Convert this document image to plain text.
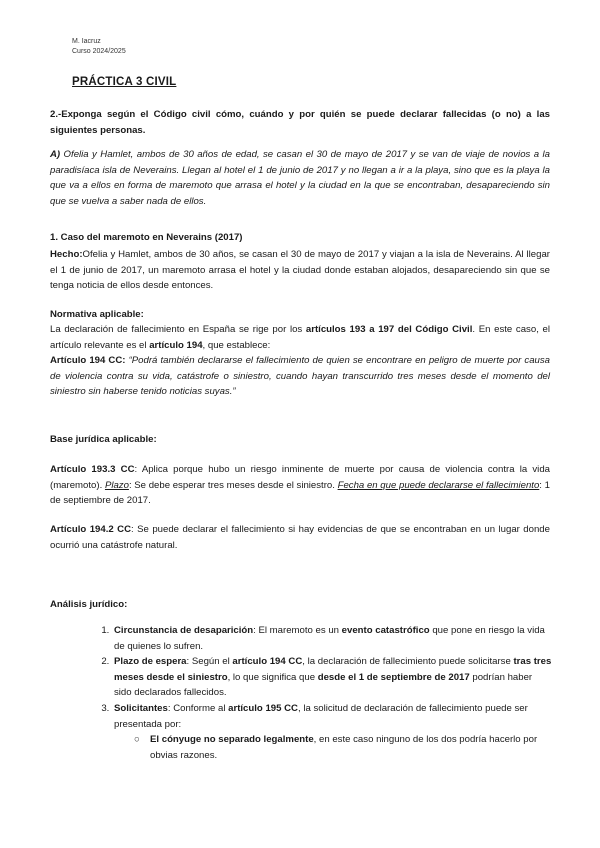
M. Iacruz
Curso 2024/2025
PRÁCTICA 3 CIVIL
2.-Exponga según el Código civil cómo, cuándo y por quién se puede declarar fallecidas (o no) a las siguientes personas.
A) Ofelia y Hamlet, ambos de 30 años de edad, se casan el 30 de mayo de 2017 y se van de viaje de novios a la paradisíaca isla de Neverains. Llegan al hotel el 1 de junio de 2017 y no llegan a ir a la playa, sino que es la playa la que va a ellos en forma de maremoto que arrasa el hotel y la ciudad en la que se encontraban, desapareciendo sin que se vuelva a saber nada de ellos.
1. Caso del maremoto en Neverains (2017)
Hecho:Ofelia y Hamlet, ambos de 30 años, se casan el 30 de mayo de 2017 y viajan a la isla de Neverains. Al llegar el 1 de junio de 2017, un maremoto arrasa el hotel y la ciudad donde estaban alojados, desapareciendo sin que se tenga noticia de ellos desde entonces.
Normativa aplicable:
La declaración de fallecimiento en España se rige por los artículos 193 a 197 del Código Civil. En este caso, el artículo relevante es el artículo 194, que establece:
Artículo 194 CC: “Podrá también declararse el fallecimiento de quien se encontrare en peligro de muerte por causa de violencia contra su vida, catástrofe o siniestro, cuando hayan transcurrido tres meses desde el momento del siniestro sin haberse tenido noticias suyas.”
Base jurídica aplicable:
Artículo 193.3 CC: Aplica porque hubo un riesgo inminente de muerte por causa de violencia contra la vida (maremoto). Plazo: Se debe esperar tres meses desde el siniestro. Fecha en que puede declararse el fallecimiento: 1 de septiembre de 2017.
Artículo 194.2 CC: Se puede declarar el fallecimiento si hay evidencias de que se encontraban en un lugar donde ocurrió una catástrofe natural.
Análisis jurídico:
1. Circunstancia de desaparición: El maremoto es un evento catastrófico que pone en riesgo la vida de quienes lo sufren.
2. Plazo de espera: Según el artículo 194 CC, la declaración de fallecimiento puede solicitarse tras tres meses desde el siniestro, lo que significa que desde el 1 de septiembre de 2017 podrían haber sido declarados fallecidos.
3. Solicitantes: Conforme al artículo 195 CC, la solicitud de declaración de fallecimiento puede ser presentada por:
○ El cónyuge no separado legalmente, en este caso ninguno de los dos podría hacerlo por obvias razones.
